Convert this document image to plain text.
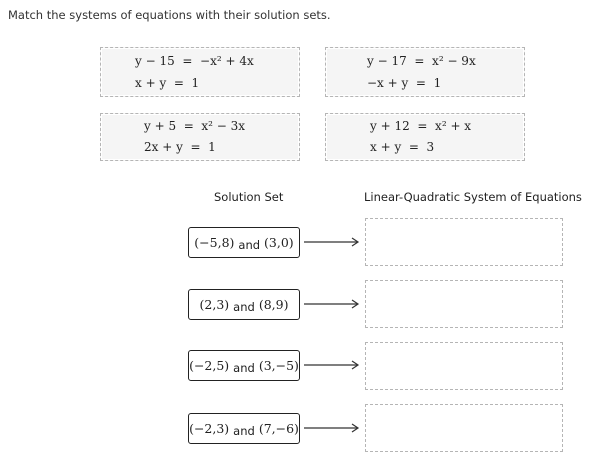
Match the systems of equations with their solution sets.
y − 15  =  −x² + 4x
x + y  =  1
y − 17  =  x² − 9x
−x + y  =  1
y + 5  =  x² − 3x
2x + y  =  1
y + 12  =  x² + x
x + y  =  3
Solution Set	Linear-Quadratic System of Equations
(−5,8) and (3,0)
(2,3) and (8,9)
(−2,5) and (3,−5)
(−2,3) and (7,−6)
